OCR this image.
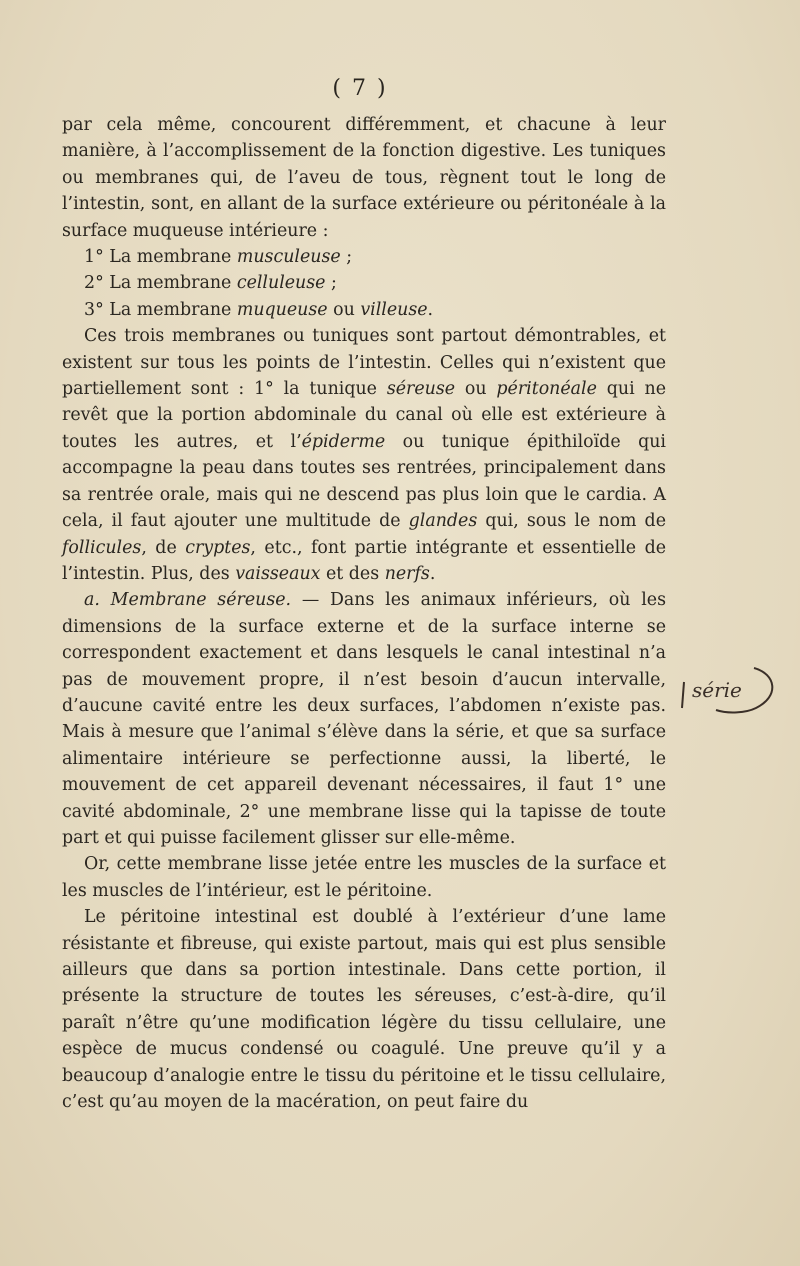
( 7 )

par cela même, concourent différemment, et chacune à leur manière, à l’accomplissement de la fonction digestive. Les tuniques ou membranes qui, de l’aveu de tous, règnent tout le long de l’intestin, sont, en allant de la surface extérieure ou péritonéale à la surface muqueuse intérieure :

1° La membrane musculeuse ;

2° La membrane celluleuse ;

3° La membrane muqueuse ou villeuse.

Ces trois membranes ou tuniques sont partout démontrables, et existent sur tous les points de l’intestin. Celles qui n’existent que partiellement sont : 1° la tunique séreuse ou péritonéale qui ne revêt que la portion abdominale du canal où elle est extérieure à toutes les autres, et l’épiderme ou tunique épithiloïde qui accompagne la peau dans toutes ses rentrées, principalement dans sa rentrée orale, mais qui ne descend pas plus loin que le cardia. A cela, il faut ajouter une multitude de glandes qui, sous le nom de follicules, de cryptes, etc., font partie intégrante et essentielle de l’intestin. Plus, des vaisseaux et des nerfs.

a. Membrane séreuse. — Dans les animaux inférieurs, où les dimensions de la surface externe et de la surface interne se correspondent exactement et dans lesquels le canal intestinal n’a pas de mouvement propre, il n’est besoin d’aucun intervalle, d’aucune cavité entre les deux surfaces, l’abdomen n’existe pas. Mais à mesure que l’animal s’élève dans la série, et que sa surface alimentaire intérieure se perfectionne aussi, la liberté, le mouvement de cet appareil devenant nécessaires, il faut 1° une cavité abdominale, 2° une membrane lisse qui la tapisse de toute part et qui puisse facilement glisser sur elle-même.

Or, cette membrane lisse jetée entre les muscles de la surface et les muscles de l’intérieur, est le péritoine.

Le péritoine intestinal est doublé à l’extérieur d’une lame résistante et fibreuse, qui existe partout, mais qui est plus sensible ailleurs que dans sa portion intestinale. Dans cette portion, il présente la structure de toutes les séreuses, c’est-à-dire, qu’il paraît n’être qu’une modification légère du tissu cellulaire, une espèce de mucus condensé ou coagulé. Une preuve qu’il y a beaucoup d’analogie entre le tissu du péritoine et le tissu cellulaire, c’est qu’au moyen de la macération, on peut faire du

série
